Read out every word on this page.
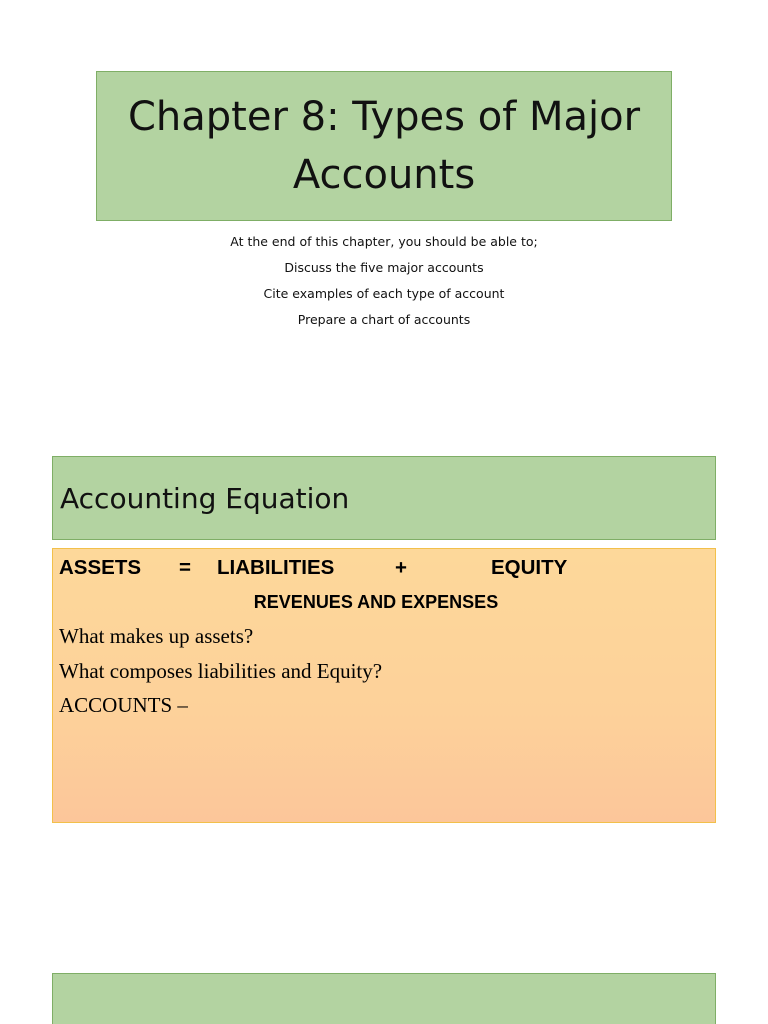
Chapter 8: Types of Major
Accounts
At the end of this chapter, you should be able to;
Discuss the five major accounts
Cite examples of each type of account
Prepare a chart of accounts
Accounting Equation
ASSETS = LIABILITIES	+	EQUITY
REVENUES AND EXPENSES
What makes up assets?
What composes liabilities and Equity?
ACCOUNTS –
